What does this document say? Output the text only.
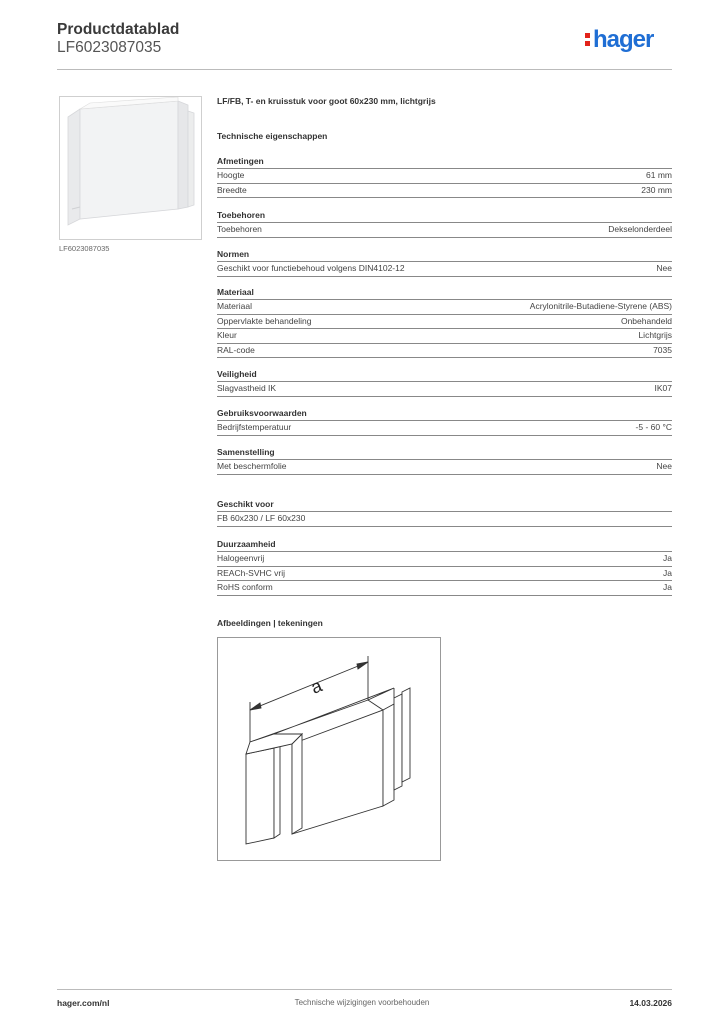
Productdatablad
LF6023087035	hager
LF6023087035
LF/FB, T- en kruisstuk voor goot 60x230 mm, lichtgrijs
Technische eigenschappen
Afmetingen
Hoogte	61 mm
Breedte	230 mm
Toebehoren
Toebehoren	Dekselonderdeel
Normen
Geschikt voor functiebehoud volgens DIN4102-12	Nee
Materiaal
Materiaal	Acrylonitrile-Butadiene-Styrene (ABS)
Oppervlakte behandeling	Onbehandeld
Kleur	Lichtgrijs
RAL-code	7035
Veiligheid
Slagvastheid IK	IK07
Gebruiksvoorwaarden
Bedrijfstemperatuur	-5 - 60 °C
Samenstelling
Met beschermfolie	Nee
Geschikt voor
FB 60x230 / LF 60x230
Duurzaamheid
Halogeenvrij	Ja
REACh-SVHC vrij	Ja
RoHS conform	Ja
Afbeeldingen | tekeningen
a
hager.com/nl	Technische wijzigingen voorbehouden	14.03.2026
